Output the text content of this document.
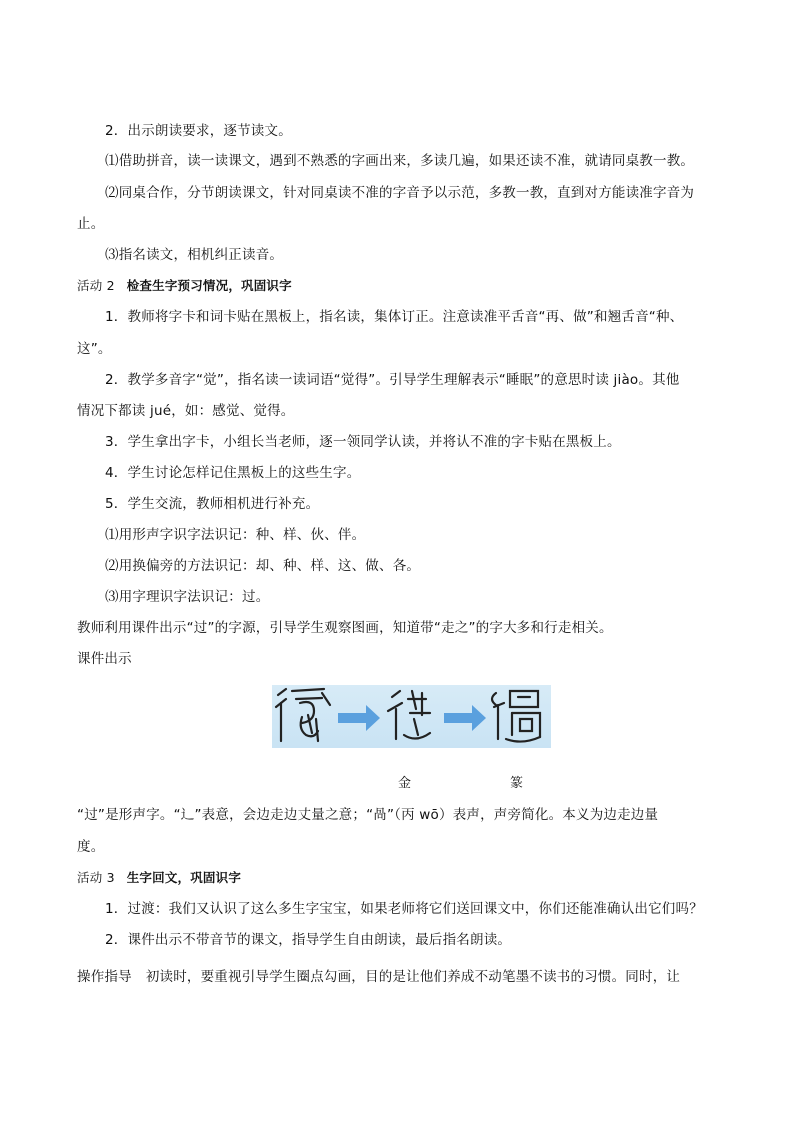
2．出示朗读要求，逐节读文。
⑴借助拼音，读一读课文，遇到不熟悉的字画出来，多读几遍，如果还读不准，就请同桌教一教。
⑵同桌合作，分节朗读课文，针对同桌读不准的字音予以示范，多教一教，直到对方能读准字音为
止。
⑶指名读文，相机纠正读音。
1．教师将字卡和词卡贴在黑板上，指名读，集体订正。注意读准平舌音“再、做”和翘舌音“种、
这”。
2．教学多音字“觉”，指名读一读词语“觉得”。引导学生理解表示“睡眠”的意思时读 jiào。其他
情况下都读 jué，如：感觉、觉得。
3．学生拿出字卡，小组长当老师，逐一领同学认读，并将认不准的字卡贴在黑板上。
4．学生讨论怎样记住黑板上的这些生字。
5．学生交流，教师相机进行补充。
⑴用形声字识字法识记：种、样、伙、伴。
⑵用换偏旁的方法识记：却、种、样、这、做、各。
⑶用字理识字法识记：过。
教师利用课件出示“过”的字源，引导学生观察图画，知道带“走之”的字大多和行走相关。
课件出示
“过”是形声字。“辶”表意，会边走边丈量之意；“咼”（丙 wō）表声，声旁简化。本义为边走边量
度。
1．过渡：我们又认识了这么多生字宝宝，如果老师将它们送回课文中，你们还能准确认出它们吗？
2．课件出示不带音节的课文，指导学生自由朗读，最后指名朗读。
活动 2 检查生字预习情况，巩固识字
活动 3 生字回文，巩固识字
金	篆
操作指导 初读时，要重视引导学生圈点勾画，目的是让他们养成不动笔墨不读书的习惯。同时，让
